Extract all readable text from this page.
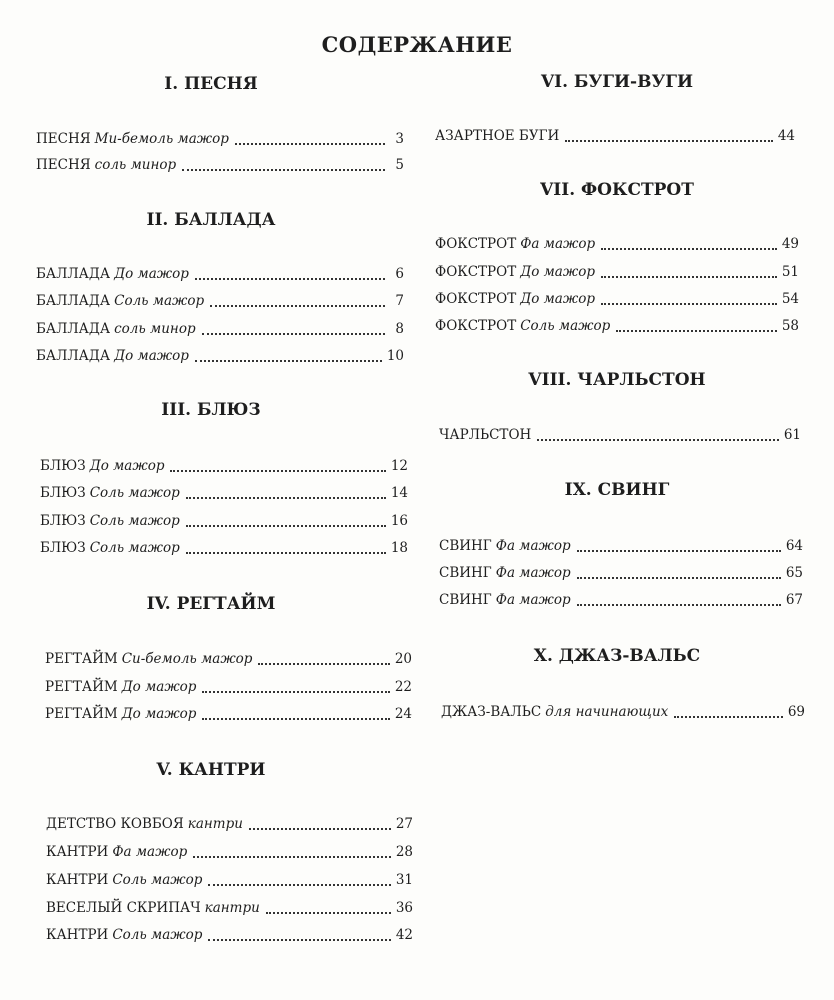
СОДЕРЖАНИЕ
I. ПЕСНЯ
ПЕСНЯ Ми-бемоль мажор	3
ПЕСНЯ соль минор	5
II. БАЛЛАДА
БАЛЛАДА До мажор	6
БАЛЛАДА Соль мажор	7
БАЛЛАДА соль минор	8
БАЛЛАДА До мажор	10
III. БЛЮЗ
БЛЮЗ До мажор	12
БЛЮЗ Соль мажор	14
БЛЮЗ Соль мажор	16
БЛЮЗ Соль мажор	18
IV. РЕГТАЙМ
РЕГТАЙМ Си-бемоль мажор	20
РЕГТАЙМ До мажор	22
РЕГТАЙМ До мажор	24
V. КАНТРИ
ДЕТСТВО КОВБОЯ кантри	27
КАНТРИ Фа мажор	28
КАНТРИ Соль мажор	31
ВЕСЕЛЫЙ СКРИПАЧ кантри	36
КАНТРИ Соль мажор	42
VI. БУГИ-ВУГИ
АЗАРТНОЕ БУГИ	44
VII. ФОКСТРОТ
ФОКСТРОТ Фа мажор	49
ФОКСТРОТ До мажор	51
ФОКСТРОТ До мажор	54
ФОКСТРОТ Соль мажор	58
VIII. ЧАРЛЬСТОН
ЧАРЛЬСТОН	61
IX. СВИНГ
СВИНГ Фа мажор	64
СВИНГ Фа мажор	65
СВИНГ Фа мажор	67
X. ДЖАЗ-ВАЛЬС
ДЖАЗ-ВАЛЬС для начинающих	69
